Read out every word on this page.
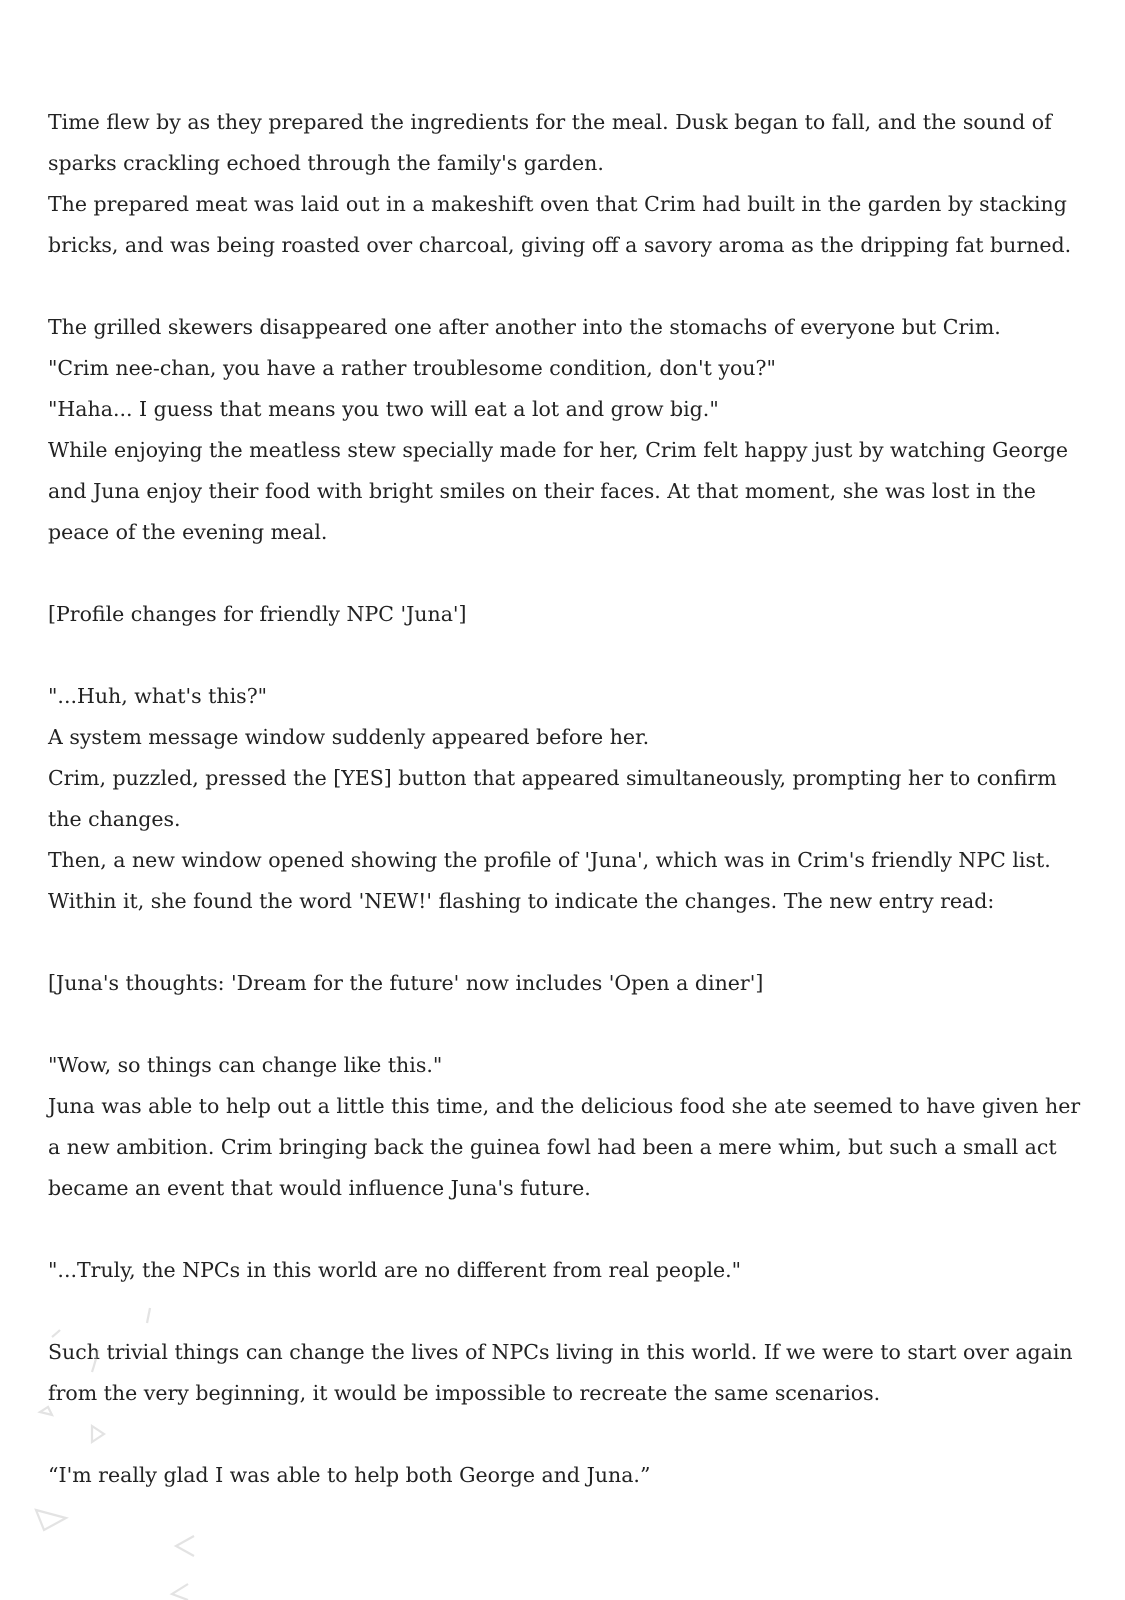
Time flew by as they prepared the ingredients for the meal. Dusk began to fall, and the sound of sparks crackling echoed through the family's garden.

The prepared meat was laid out in a makeshift oven that Crim had built in the garden by stacking bricks, and was being roasted over charcoal, giving off a savory aroma as the dripping fat burned.

The grilled skewers disappeared one after another into the stomachs of everyone but Crim.

"Crim nee-chan, you have a rather troublesome condition, don't you?"

"Haha... I guess that means you two will eat a lot and grow big."

While enjoying the meatless stew specially made for her, Crim felt happy just by watching George and Juna enjoy their food with bright smiles on their faces. At that moment, she was lost in the peace of the evening meal.

[Profile changes for friendly NPC 'Juna']

"...Huh, what's this?"

A system message window suddenly appeared before her.

Crim, puzzled, pressed the [YES] button that appeared simultaneously, prompting her to confirm the changes.

Then, a new window opened showing the profile of 'Juna', which was in Crim's friendly NPC list. Within it, she found the word 'NEW!' flashing to indicate the changes. The new entry read:

[Juna's thoughts: 'Dream for the future' now includes 'Open a diner']

"Wow, so things can change like this."

Juna was able to help out a little this time, and the delicious food she ate seemed to have given her a new ambition. Crim bringing back the guinea fowl had been a mere whim, but such a small act became an event that would influence Juna's future.

"...Truly, the NPCs in this world are no different from real people."

Such trivial things can change the lives of NPCs living in this world. If we were to start over again from the very beginning, it would be impossible to recreate the same scenarios.

“I'm really glad I was able to help both George and Juna.”
